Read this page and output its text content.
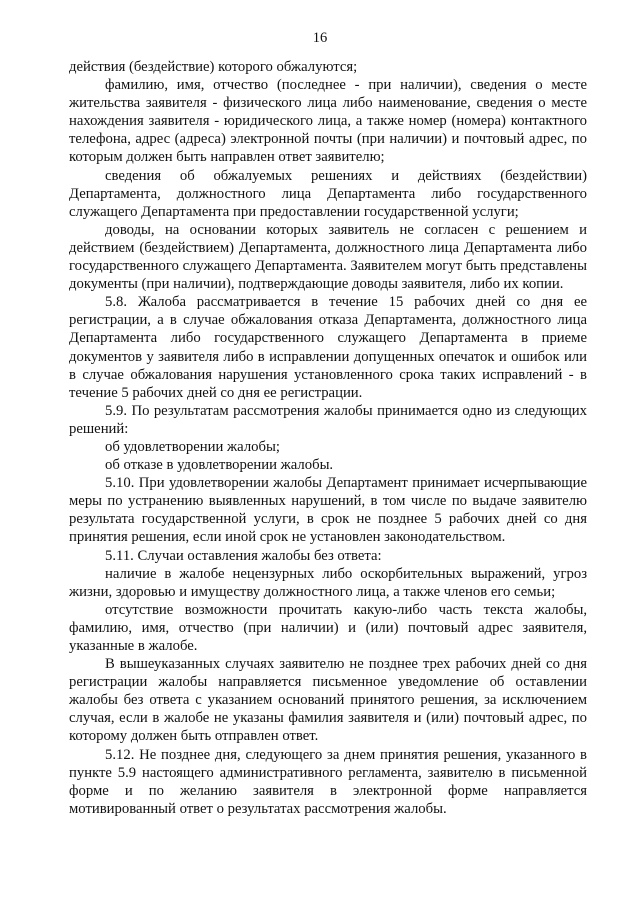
16

действия (бездействие) которого обжалуются;

фамилию, имя, отчество (последнее - при наличии), сведения о месте жительства заявителя - физического лица либо наименование, сведения о месте нахождения заявителя - юридического лица, а также номер (номера) контактного телефона, адрес (адреса) электронной почты (при наличии) и почтовый адрес, по которым должен быть направлен ответ заявителю;

сведения об обжалуемых решениях и действиях (бездействии) Департамента, должностного лица Департамента либо государственного служащего Департамента при предоставлении государственной услуги;

доводы, на основании которых заявитель не согласен с решением и действием (бездействием) Департамента, должностного лица Департамента либо государственного служащего Департамента. Заявителем могут быть представлены документы (при наличии), подтверждающие доводы заявителя, либо их копии.

5.8. Жалоба рассматривается в течение 15 рабочих дней со дня ее регистрации, а в случае обжалования отказа Департамента, должностного лица Департамента либо государственного служащего Департамента в приеме документов у заявителя либо в исправлении допущенных опечаток и ошибок или в случае обжалования нарушения установленного срока таких исправлений - в течение 5 рабочих дней со дня ее регистрации.

5.9. По результатам рассмотрения жалобы принимается одно из следующих решений:

об удовлетворении жалобы;

об отказе в удовлетворении жалобы.

5.10. При удовлетворении жалобы Департамент принимает исчерпывающие меры по устранению выявленных нарушений, в том числе по выдаче заявителю результата государственной услуги, в срок не позднее 5 рабочих дней со дня принятия решения, если иной срок не установлен законодательством.

5.11. Случаи оставления жалобы без ответа:

наличие в жалобе нецензурных либо оскорбительных выражений, угроз жизни, здоровью и имуществу должностного лица, а также членов его семьи;

отсутствие возможности прочитать какую-либо часть текста жалобы, фамилию, имя, отчество (при наличии) и (или) почтовый адрес заявителя, указанные в жалобе.

В вышеуказанных случаях заявителю не позднее трех рабочих дней со дня регистрации жалобы направляется письменное уведомление об оставлении жалобы без ответа с указанием оснований принятого решения, за исключением случая, если в жалобе не указаны фамилия заявителя и (или) почтовый адрес, по которому должен быть отправлен ответ.

5.12. Не позднее дня, следующего за днем принятия решения, указанного в пункте 5.9 настоящего административного регламента, заявителю в письменной форме и по желанию заявителя в электронной форме направляется мотивированный ответ о результатах рассмотрения жалобы.
